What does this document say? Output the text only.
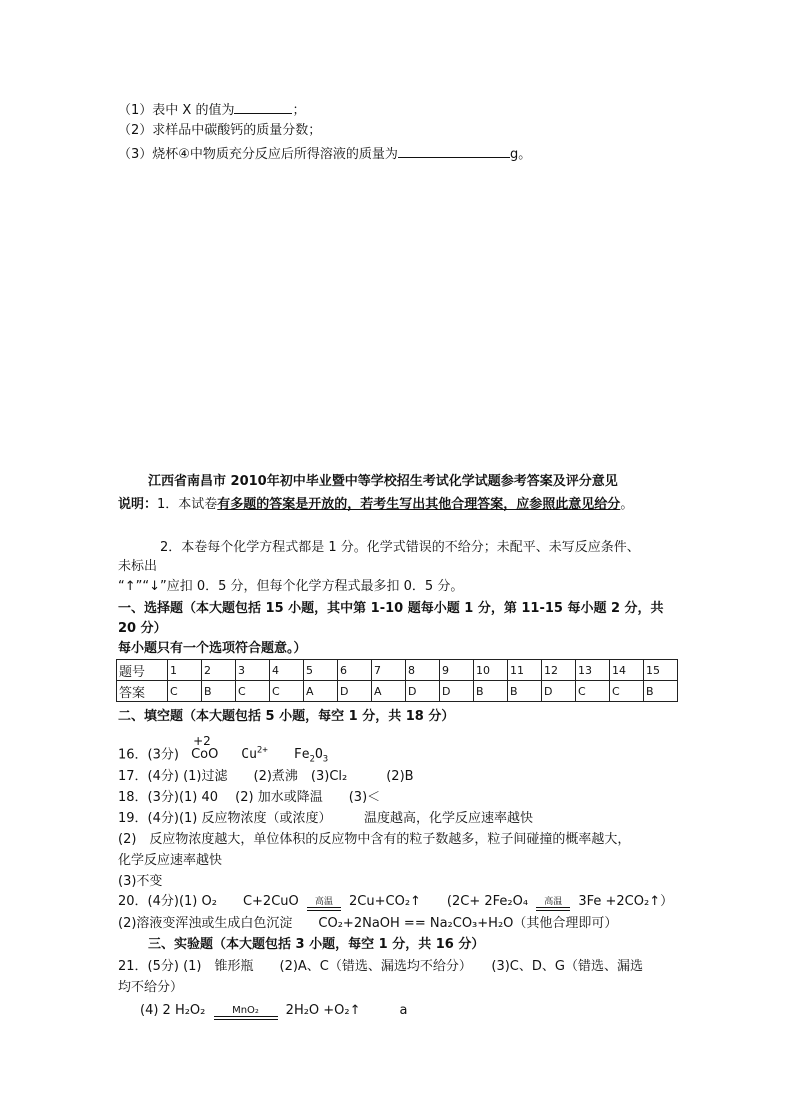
（1）表中 X 的值为	；
（2）求样品中碳酸钙的质量分数；
（3）烧杯④中物质充分反应后所得溶液的质量为	g。
江西省南昌市 2010年初中毕业暨中等学校招生考试化学试题参考答案及评分意见
说明：1．本试卷有多题的答案是开放的，若考生写出其他合理答案，应参照此意见给分。
2．本卷每个化学方程式都是 1 分。化学式错误的不给分；未配平、未写反应条件、
未标出
“↑”“↓”应扣 0．5 分，但每个化学方程式最多扣 0．5 分。
一、选择题（本大题包括 15 小题，其中第 1-10 题每小题 1 分，第 11-15 每小题 2 分，共
20 分）
每小题只有一个选项符合题意。）
题号	1	2	3	4	5	6	7	8	9	10	11	12	13	14	15
答案	C	B	C	C	A	D	A	D	D	B	B	D	C	C	B
二、填空题（本大题包括 5 小题，每空 1 分，共 18 分）
16．(3分)
+2
CoO $Cu^{2+}$ $Fe_2O_3$
17．(4分) (1)过滤　　(2)煮沸　(3)Cl₂　　　(2)B
18．(3分)(1) 40　 (2) 加水或降温　　(3)＜
19．(4分)(1) 反应物浓度（或浓度）　　　温度越高，化学反应速率越快
(2)　反应物浓度越大，单位体积的反应物中含有的粒子数越多，粒子间碰撞的概率越大，
化学反应速率越快
(3)不变
20．(4分)(1) O₂　　C+2CuO	高温	2Cu+CO₂↑　　(2C+ 2Fe₂O₄	高温	3Fe +2CO₂↑）
(2)溶液变浑浊或生成白色沉淀　　CO₂+2NaOH == Na₂CO₃+H₂O（其他合理即可）
三、实验题（本大题包括 3 小题，每空 1 分，共 16 分）
21．(5分) (1)　锥形瓶　　(2)A、C（错选、漏选均不给分）　　(3)C、D、G（错选、漏选
均不给分）
(4) 2 H₂O₂	MnO₂	2H₂O +O₂↑　　　a
